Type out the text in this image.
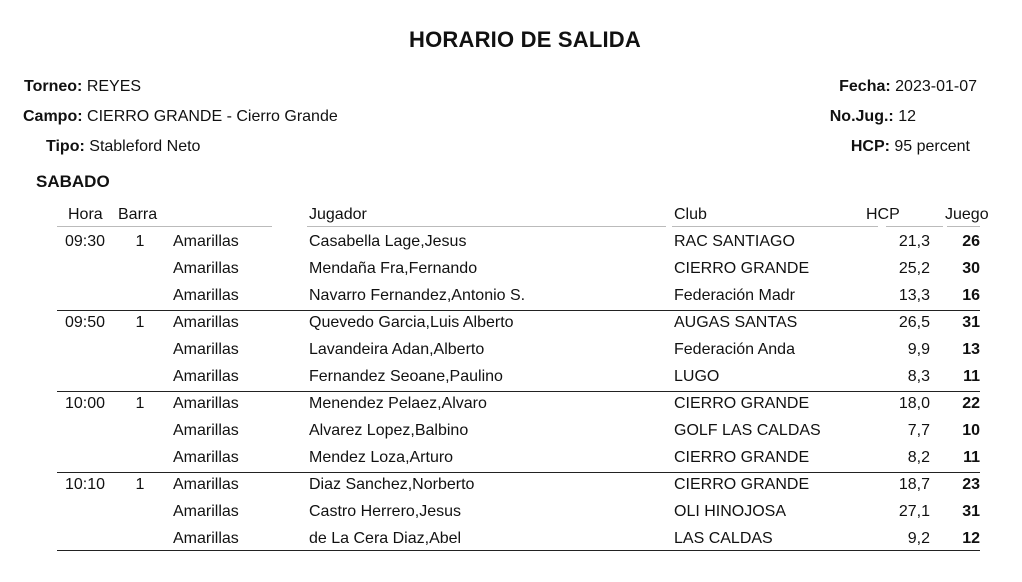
HORARIO DE SALIDA
Torneo: REYES
Campo: CIERRO GRANDE - Cierro Grande
Tipo: Stableford Neto
Fecha: 2023-01-07
No.Jug.: 12
HCP: 95 percent
SABADO
Hora Barra	Jugador	Club	HCP	Juego
09:30	1	Amarillas	Casabella Lage,Jesus	RAC SANTIAGO	21,3	26
Amarillas	Mendaña Fra,Fernando	CIERRO GRANDE	25,2	30
Amarillas	Navarro Fernandez,Antonio S.	Federación Madr	13,3	16
09:50	1	Amarillas	Quevedo Garcia,Luis Alberto	AUGAS SANTAS	26,5	31
Amarillas	Lavandeira Adan,Alberto	Federación Anda	9,9	13
Amarillas	Fernandez Seoane,Paulino	LUGO	8,3	11
10:00	1	Amarillas	Menendez Pelaez,Alvaro	CIERRO GRANDE	18,0	22
Amarillas	Alvarez Lopez,Balbino	GOLF LAS CALDAS	7,7	10
Amarillas	Mendez Loza,Arturo	CIERRO GRANDE	8,2	11
10:10	1	Amarillas	Diaz Sanchez,Norberto	CIERRO GRANDE	18,7	23
Amarillas	Castro Herrero,Jesus	OLI HINOJOSA	27,1	31
Amarillas	de La Cera Diaz,Abel	LAS CALDAS	9,2	12
